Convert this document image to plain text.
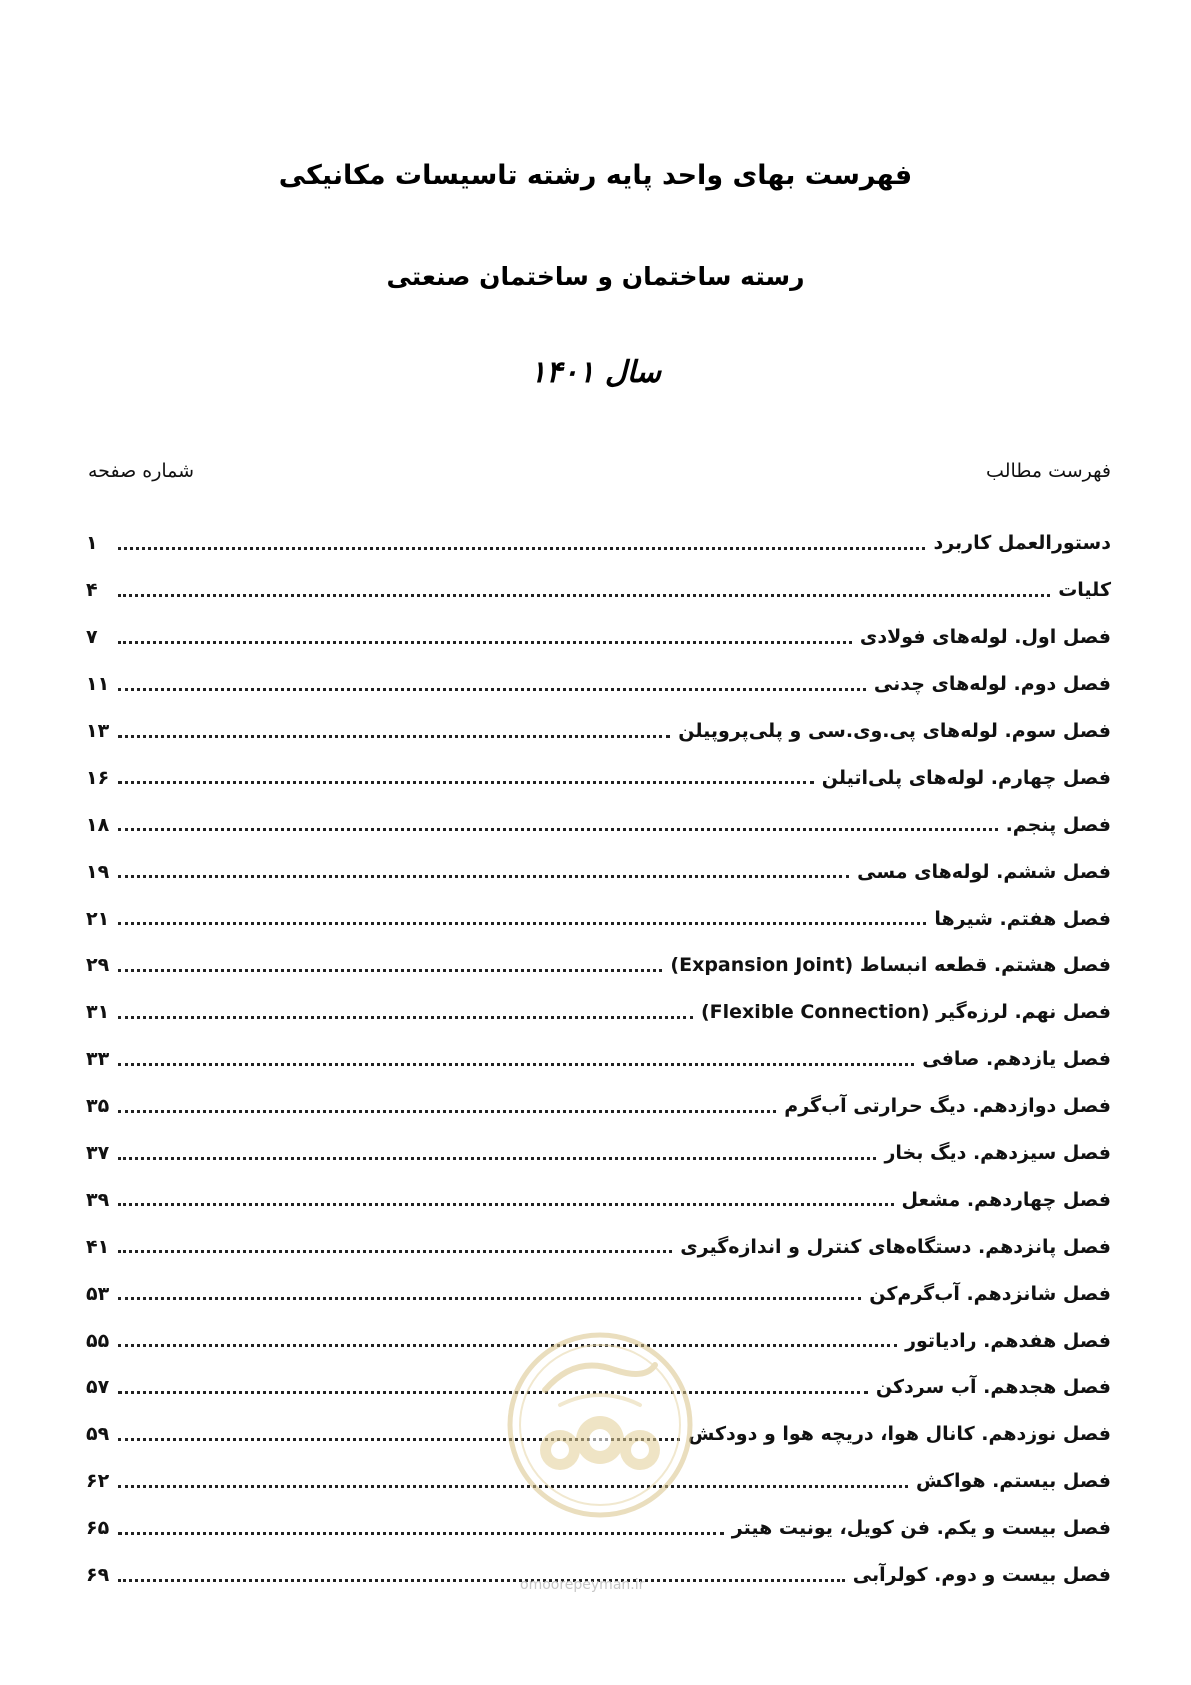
فهرست بهای واحد پایه رشته تاسیسات مکانیکی
رسته ساختمان و ساختمان صنعتی
سال ۱۴۰۱
فهرست مطالب
شماره صفحه
دستورالعمل کاربرد
۱
کلیات
۴
فصل اول. لوله‌های فولادی
۷
فصل دوم. لوله‌های چدنی
۱۱
فصل سوم. لوله‌های پی.وی.سی و پلی‌پروپیلن
۱۳
فصل چهارم. لوله‌های پلی‌اتیلن
۱۶
فصل پنجم.
۱۸
فصل ششم. لوله‌های مسی
۱۹
فصل هفتم. شیرها
۲۱
فصل هشتم. قطعه انبساط (Expansion Joint)
۲۹
فصل نهم. لرزه‌گیر (Flexible Connection)
۳۱
فصل یازدهم. صافی
۳۳
فصل دوازدهم. دیگ حرارتی آب‌گرم
۳۵
فصل سیزدهم. دیگ بخار
۳۷
فصل چهاردهم. مشعل
۳۹
فصل پانزدهم. دستگاه‌های کنترل و اندازه‌گیری
۴۱
فصل شانزدهم. آب‌گرم‌کن
۵۳
فصل هفدهم. رادیاتور
۵۵
فصل هجدهم. آب سردکن
۵۷
فصل نوزدهم. کانال هوا، دریچه هوا و دودکش
۵۹
فصل بیستم. هواکش
۶۲
فصل بیست و یکم. فن کویل، یونیت هیتر
۶۵
فصل بیست و دوم. کولرآبی
۶۹	omoorepeyman.ir
